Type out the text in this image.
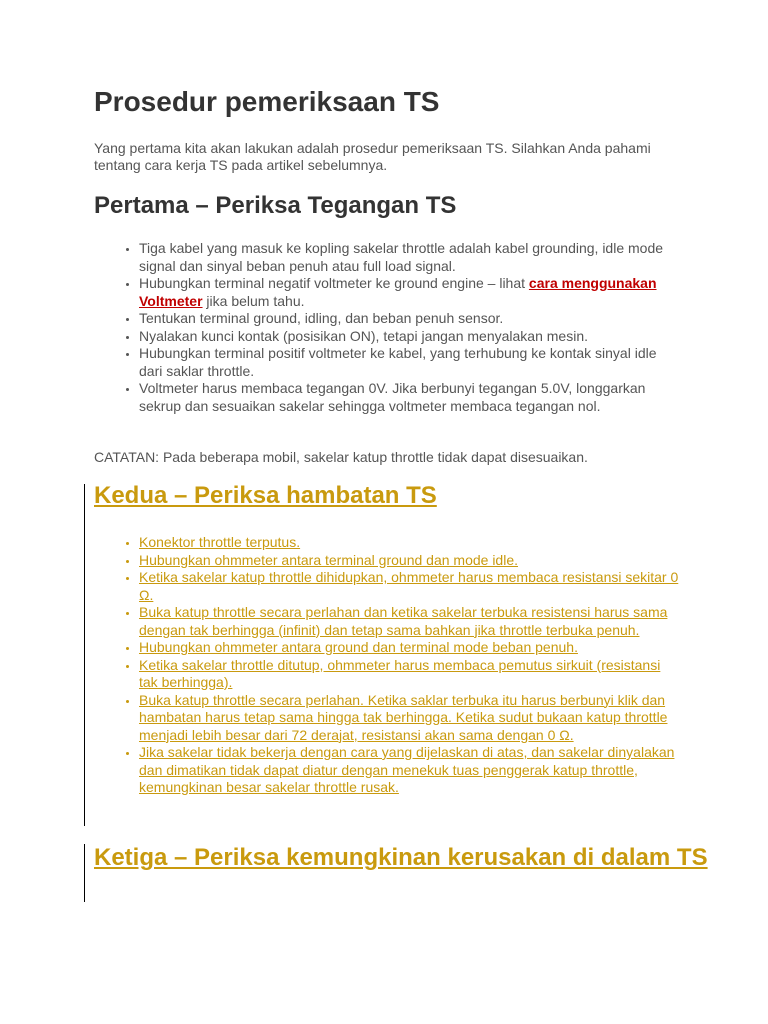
Prosedur pemeriksaan TS

Yang pertama kita akan lakukan adalah prosedur pemeriksaan TS. Silahkan Anda pahami tentang cara kerja TS pada artikel sebelumnya.

Pertama – Periksa Tegangan TS
• Tiga kabel yang masuk ke kopling sakelar throttle adalah kabel grounding, idle mode signal dan sinyal beban penuh atau full load signal.
• Hubungkan terminal negatif voltmeter ke ground engine – lihat cara menggunakan Voltmeter jika belum tahu.
• Tentukan terminal ground, idling, dan beban penuh sensor.
• Nyalakan kunci kontak (posisikan ON), tetapi jangan menyalakan mesin.
• Hubungkan terminal positif voltmeter ke kabel, yang terhubung ke kontak sinyal idle dari saklar throttle.
• Voltmeter harus membaca tegangan 0V. Jika berbunyi tegangan 5.0V, longgarkan sekrup dan sesuaikan sakelar sehingga voltmeter membaca tegangan nol.

CATATAN: Pada beberapa mobil, sakelar katup throttle tidak dapat disesuaikan.

Kedua – Periksa hambatan TS
• Konektor throttle terputus.
• Hubungkan ohmmeter antara terminal ground dan mode idle.
• Ketika sakelar katup throttle dihidupkan, ohmmeter harus membaca resistansi sekitar 0 Ω.
• Buka katup throttle secara perlahan dan ketika sakelar terbuka resistensi harus sama dengan tak berhingga (infinit) dan tetap sama bahkan jika throttle terbuka penuh.
• Hubungkan ohmmeter antara ground dan terminal mode beban penuh.
• Ketika sakelar throttle ditutup, ohmmeter harus membaca pemutus sirkuit (resistansi tak berhingga).
• Buka katup throttle secara perlahan. Ketika saklar terbuka itu harus berbunyi klik dan hambatan harus tetap sama hingga tak berhingga. Ketika sudut bukaan katup throttle menjadi lebih besar dari 72 derajat, resistansi akan sama dengan 0 Ω.
• Jika sakelar tidak bekerja dengan cara yang dijelaskan di atas, dan sakelar dinyalakan dan dimatikan tidak dapat diatur dengan menekuk tuas penggerak katup throttle, kemungkinan besar sakelar throttle rusak.
Ketiga – Periksa kemungkinan kerusakan di dalam TS
